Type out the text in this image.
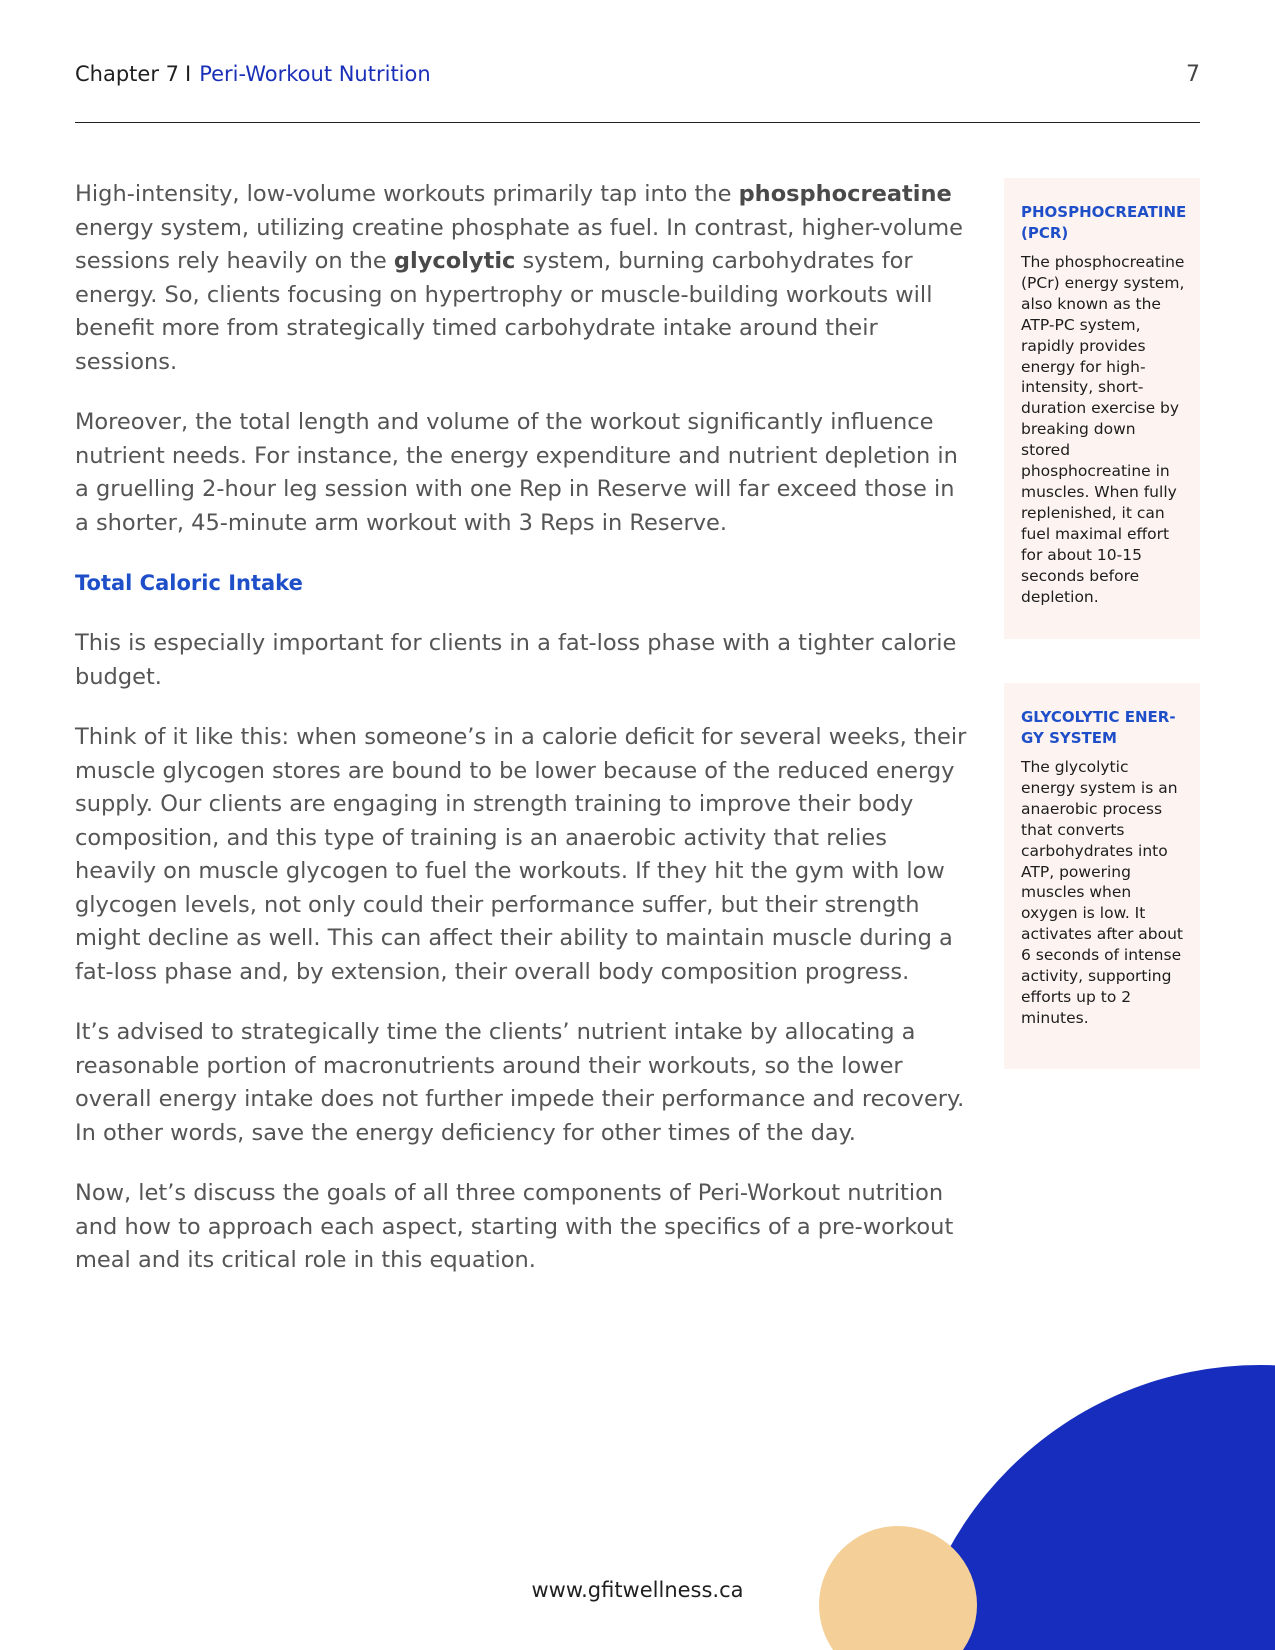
Chapter 7 I Peri-Workout Nutrition	7

High-intensity, low-volume workouts primarily tap into the phosphocreatine energy system, utilizing creatine phosphate as fuel. In contrast, higher-volume sessions rely heavily on the glycolytic system, burning carbohydrates for energy. So, clients focusing on hypertrophy or muscle-building workouts will benefit more from strategically timed carbohydrate intake around their sessions.

Moreover, the total length and volume of the workout significantly influence nutrient needs. For instance, the energy expenditure and nutrient depletion in a gruelling 2-hour leg session with one Rep in Reserve will far exceed those in a shorter, 45-minute arm workout with 3 Reps in Reserve.

Total Caloric Intake

This is especially important for clients in a fat-loss phase with a tighter calorie budget.

Think of it like this: when someone’s in a calorie deficit for several weeks, their muscle glycogen stores are bound to be lower because of the reduced energy supply. Our clients are engaging in strength training to improve their body composition, and this type of training is an anaerobic activity that relies heavily on muscle glycogen to fuel the workouts. If they hit the gym with low glycogen levels, not only could their performance suffer, but their strength might decline as well. This can affect their ability to maintain muscle during a fat-loss phase and, by extension, their overall body composition progress.

It’s advised to strategically time the clients’ nutrient intake by allocating a reasonable portion of macronutrients around their workouts, so the lower overall energy intake does not further impede their performance and recovery. In other words, save the energy deficiency for other times of the day.

Now, let’s discuss the goals of all three components of Peri-Workout nutrition and how to approach each aspect, starting with the specifics of a pre-workout meal and its critical role in this equation.

PHOSPHOCREATINE (PCR)

The phosphocreatine (PCr) energy system, also known as the ATP-PC system, rapidly provides energy for high-intensity, short-duration exercise by breaking down stored phosphocreatine in muscles. When fully replenished, it can fuel maximal effort for about 10-15 seconds before depletion.

GLYCOLYTIC ENERGY SYSTEM

The glycolytic energy system is an anaerobic process that converts carbohydrates into ATP, powering muscles when oxygen is low. It activates after about 6 seconds of intense activity, supporting efforts up to 2 minutes.

www.gfitwellness.ca
